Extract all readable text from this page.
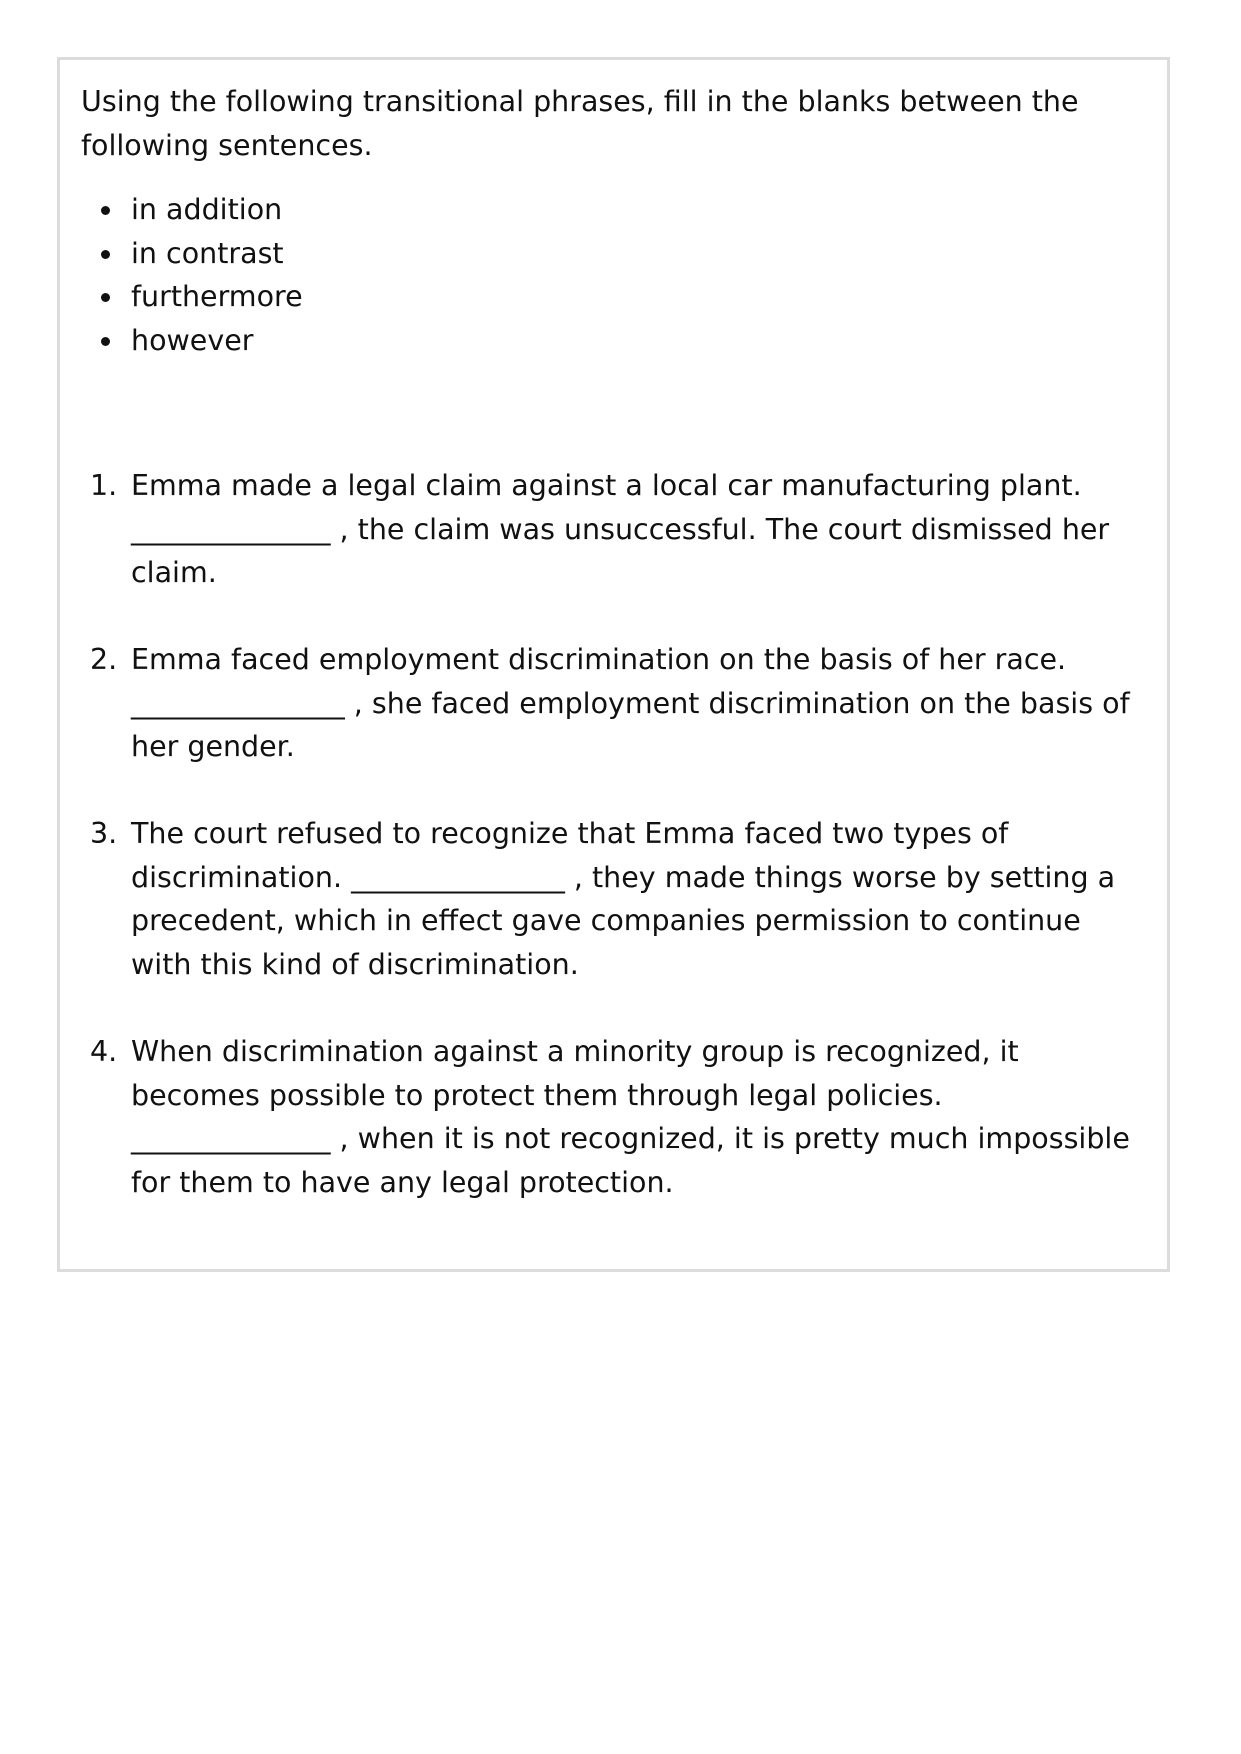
Using the following transitional phrases, fill in the blanks between the following sentences.

in addition
in contrast
furthermore
however
1. Emma made a legal claim against a local car manufacturing plant. ______________ , the claim was unsuccessful. The court dismissed her claim.
2. Emma faced employment discrimination on the basis of her race. _______________ , she faced employment discrimination on the basis of her gender.
3. The court refused to recognize that Emma faced two types of discrimination. _______________ , they made things worse by setting a precedent, which in effect gave companies permission to continue with this kind of discrimination.
4. When discrimination against a minority group is recognized, it becomes possible to protect them through legal policies. ______________ , when it is not recognized, it is pretty much impossible for them to have any legal protection.
